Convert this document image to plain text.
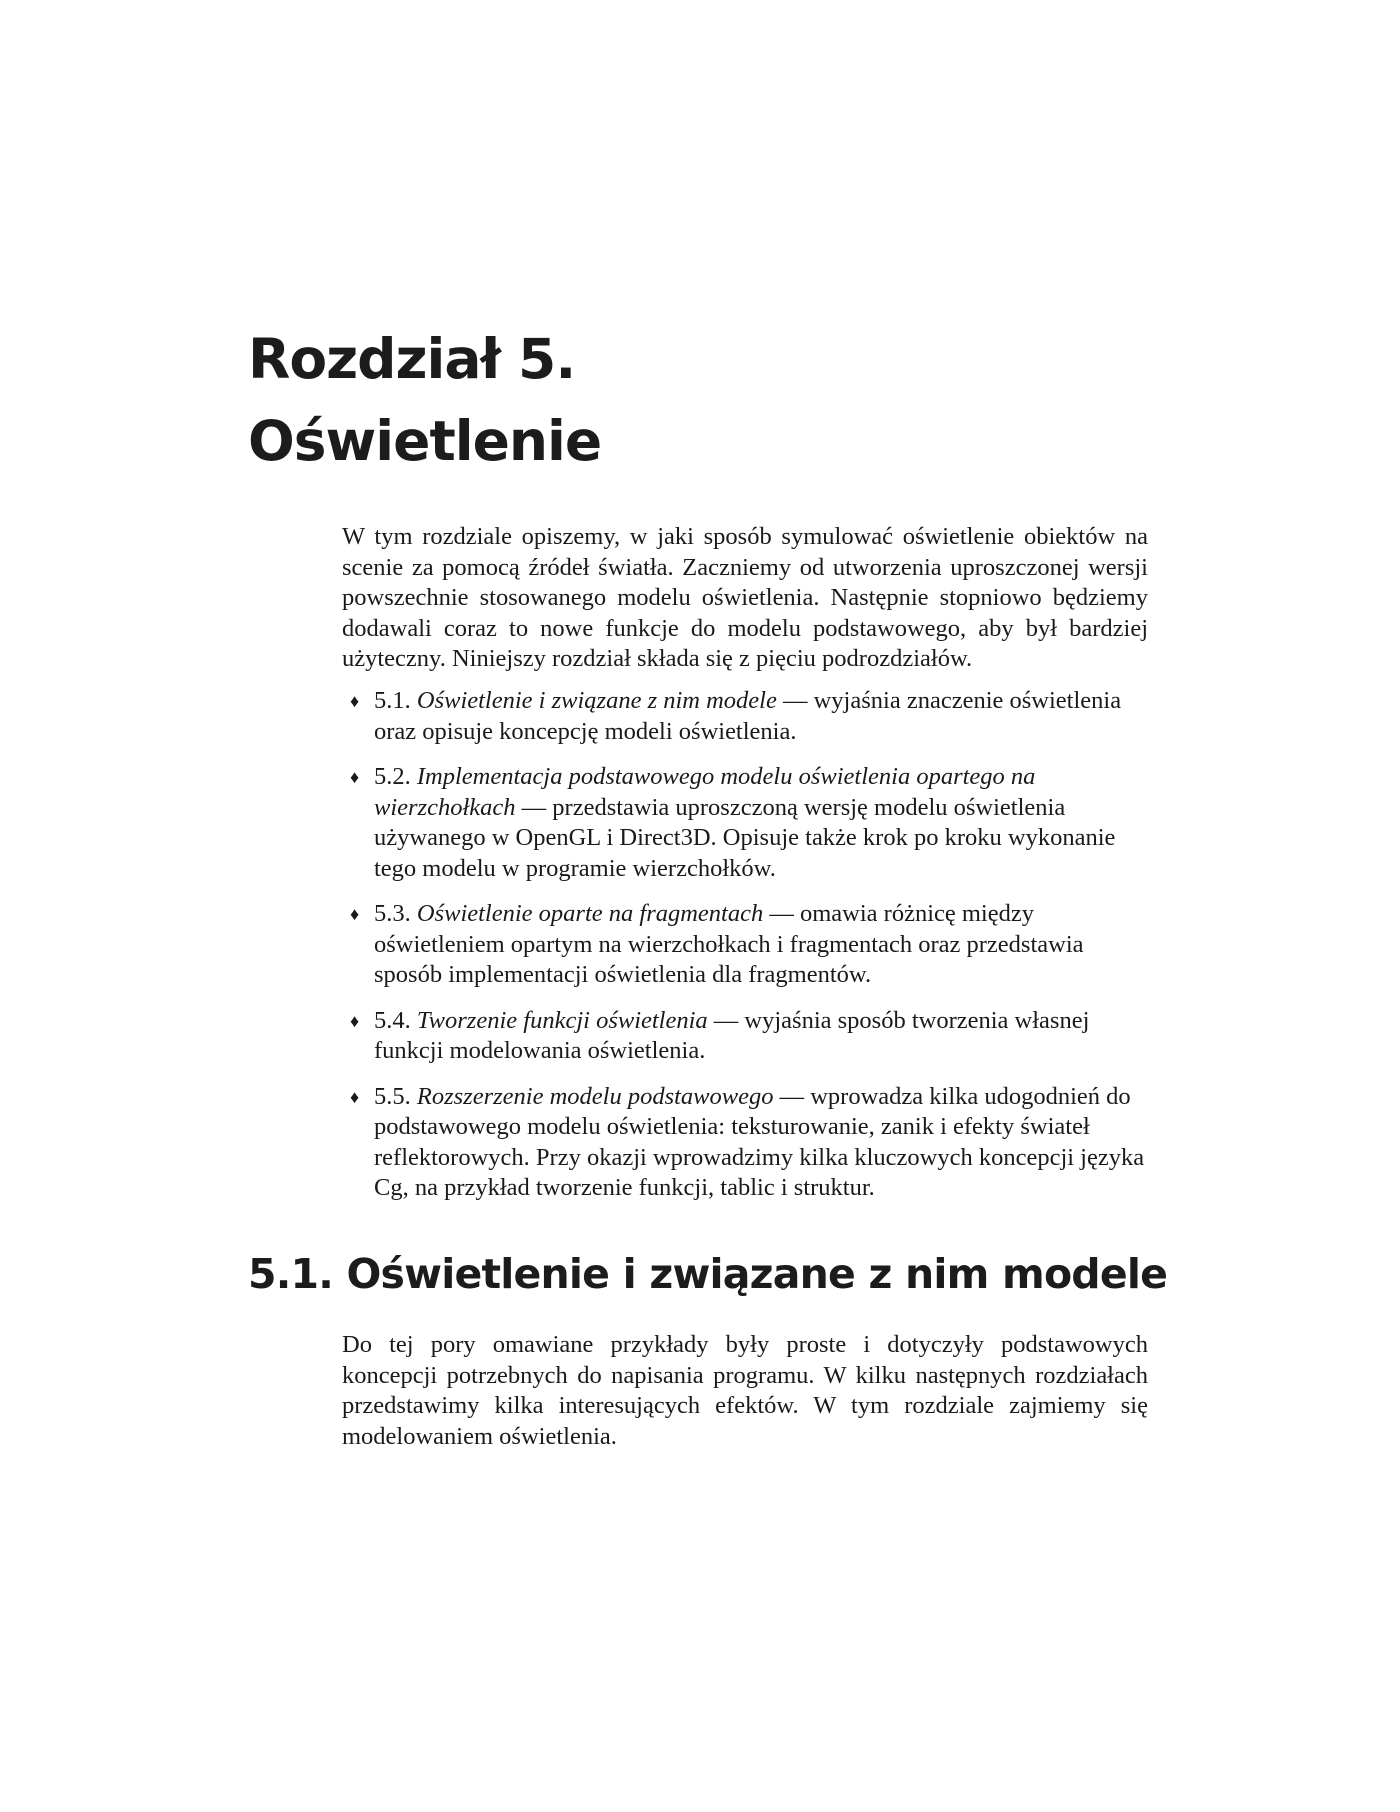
Rozdział 5.
Oświetlenie

W tym rozdziale opiszemy, w jaki sposób symulować oświetlenie obiektów na scenie za pomocą źródeł światła. Zaczniemy od utworzenia uproszczonej wersji powszechnie stosowanego modelu oświetlenia. Następnie stopniowo będziemy dodawali coraz to nowe funkcje do modelu podstawowego, aby był bardziej użyteczny. Niniejszy rozdział składa się z pięciu podrozdziałów.

♦ 5.1. Oświetlenie i związane z nim modele — wyjaśnia znaczenie oświetlenia oraz opisuje koncepcję modeli oświetlenia.
♦ 5.2. Implementacja podstawowego modelu oświetlenia opartego na wierzchołkach — przedstawia uproszczoną wersję modelu oświetlenia używanego w OpenGL i Direct3D. Opisuje także krok po kroku wykonanie tego modelu w programie wierzchołków.
♦ 5.3. Oświetlenie oparte na fragmentach — omawia różnicę między oświetleniem opartym na wierzchołkach i fragmentach oraz przedstawia sposób implementacji oświetlenia dla fragmentów.
♦ 5.4. Tworzenie funkcji oświetlenia — wyjaśnia sposób tworzenia własnej funkcji modelowania oświetlenia.
♦ 5.5. Rozszerzenie modelu podstawowego — wprowadza kilka udogodnień do podstawowego modelu oświetlenia: teksturowanie, zanik i efekty świateł reflektorowych. Przy okazji wprowadzimy kilka kluczowych koncepcji języka Cg, na przykład tworzenie funkcji, tablic i struktur.
5.1. Oświetlenie i związane z nim modele

Do tej pory omawiane przykłady były proste i dotyczyły podstawowych koncepcji potrzebnych do napisania programu. W kilku następnych rozdziałach przedstawimy kilka interesujących efektów. W tym rozdziale zajmiemy się modelowaniem oświetlenia.
